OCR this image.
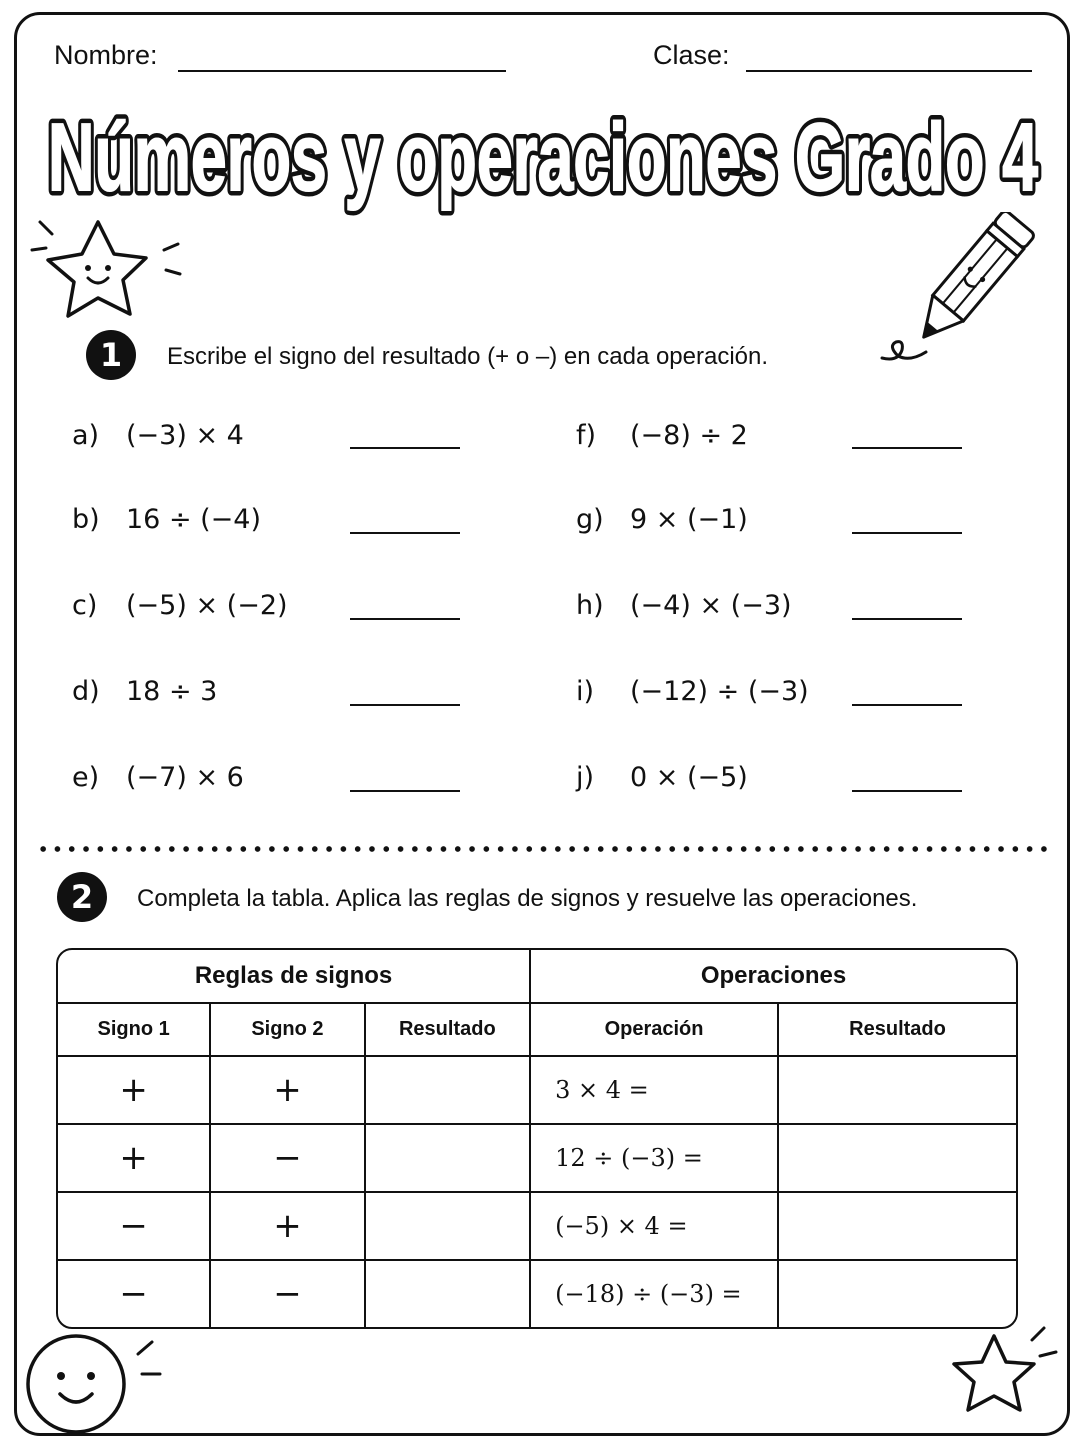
Nombre:	Clase:
Números y operaciones Grado 4
Números y operaciones Grado 4
1	Escribe el signo del resultado (+ o –) en cada operación.
a) (−3) × 4
b) 16 ÷ (−4)
c) (−5) × (−2)
d) 18 ÷ 3
e) (−7) × 6
f) (−8) ÷ 2
g) 9 × (−1)
h) (−4) × (−3)
i) (−12) ÷ (−3)
j) 0 × (−5)
2	Completa la tabla. Aplica las reglas de signos y resuelve las operaciones.
Reglas de signos			Operaciones	
Signo 1	Signo 2	Resultado	Operación	Resultado
+	+		3 × 4 =	
+	−		12 ÷ (−3) =	
−	+		(−5) × 4 =	
−	−		(−18) ÷ (−3) =	
